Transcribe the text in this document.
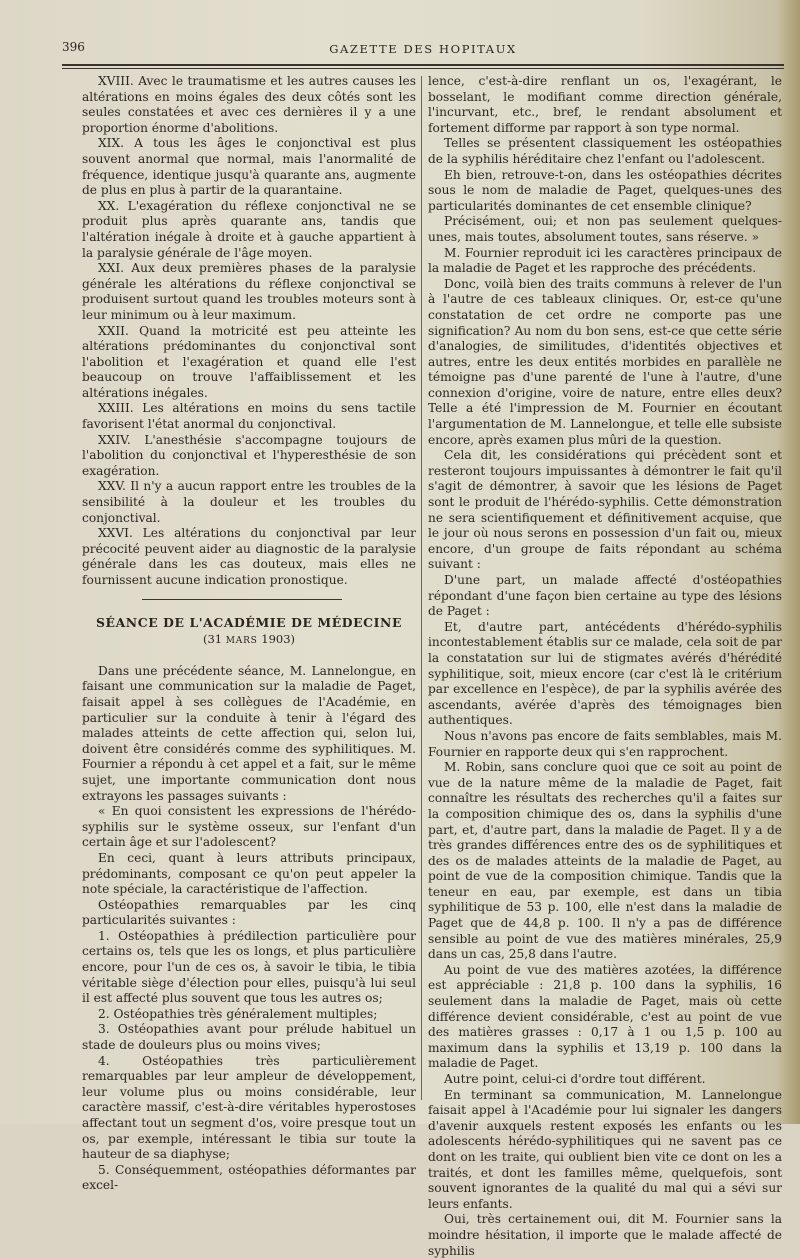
396	GAZETTE DES HOPITAUX

XVIII. Avec le traumatisme et les autres causes les altérations en moins égales des deux côtés sont les seules constatées et avec ces dernières il y a une proportion énorme d'abolitions.

XIX. A tous les âges le conjonctival est plus souvent anormal que normal, mais l'anormalité de fréquence, identique jusqu'à quarante ans, augmente de plus en plus à partir de la quarantaine.

XX. L'exagération du réflexe conjonctival ne se produit plus après quarante ans, tandis que l'altération inégale à droite et à gauche appartient à la paralysie générale de l'âge moyen.

XXI. Aux deux premières phases de la paralysie générale les altérations du réflexe conjonctival se produisent surtout quand les troubles moteurs sont à leur minimum ou à leur maximum.

XXII. Quand la motricité est peu atteinte les altérations prédominantes du conjonctival sont l'abolition et l'exagération et quand elle l'est beaucoup on trouve l'affaiblissement et les altérations inégales.

XXIII. Les altérations en moins du sens tactile favorisent l'état anormal du conjonctival.

XXIV. L'anesthésie s'accompagne toujours de l'abolition du conjonctival et l'hyperesthésie de son exagération.

XXV. Il n'y a aucun rapport entre les troubles de la sensibilité à la douleur et les troubles du conjonctival.

XXVI. Les altérations du conjonctival par leur précocité peuvent aider au diagnostic de la paralysie générale dans les cas douteux, mais elles ne fournissent aucune indication pronostique.

SÉANCE DE L'ACADÉMIE DE MÉDECINE

(31 MARS 1903)

Dans une précédente séance, M. Lannelongue, en faisant une communication sur la maladie de Paget, faisait appel à ses collègues de l'Académie, en particulier sur la conduite à tenir à l'égard des malades atteints de cette affection qui, selon lui, doivent être considérés comme des syphilitiques. M. Fournier a répondu à cet appel et a fait, sur le même sujet, une importante communication dont nous extrayons les passages suivants :

« En quoi consistent les expressions de l'hérédo-syphilis sur le système osseux, sur l'enfant d'un certain âge et sur l'adolescent?

En ceci, quant à leurs attributs principaux, prédominants, composant ce qu'on peut appeler la note spéciale, la caractéristique de l'affection.

Ostéopathies remarquables par les cinq particularités suivantes :

1. Ostéopathies à prédilection particulière pour certains os, tels que les os longs, et plus particulière encore, pour l'un de ces os, à savoir le tibia, le tibia véritable siège d'élection pour elles, puisqu'à lui seul il est affecté plus souvent que tous les autres os;

2. Ostéopathies très généralement multiples;

3. Ostéopathies avant pour prélude habituel un stade de douleurs plus ou moins vives;

4. Ostéopathies très particulièrement remarquables par leur ampleur de développement, leur volume plus ou moins considérable, leur caractère massif, c'est-à-dire véritables hyperostoses affectant tout un segment d'os, voire presque tout un os, par exemple, intéressant le tibia sur toute la hauteur de sa diaphyse;

5. Conséquemment, ostéopathies déformantes par excel-

lence, c'est-à-dire renflant un os, l'exagérant, le bosselant, le modifiant comme direction générale, l'incurvant, etc., bref, le rendant absolument et fortement difforme par rapport à son type normal.

Telles se présentent classiquement les ostéopathies de la syphilis héréditaire chez l'enfant ou l'adolescent.

Eh bien, retrouve-t-on, dans les ostéopathies décrites sous le nom de maladie de Paget, quelques-unes des particularités dominantes de cet ensemble clinique?

Précisément, oui; et non pas seulement quelques-unes, mais toutes, absolument toutes, sans réserve. »

M. Fournier reproduit ici les caractères principaux de la maladie de Paget et les rapproche des précédents.

Donc, voilà bien des traits communs à relever de l'un à l'autre de ces tableaux cliniques. Or, est-ce qu'une constatation de cet ordre ne comporte pas une signification? Au nom du bon sens, est-ce que cette série d'analogies, de similitudes, d'identités objectives et autres, entre les deux entités morbides en parallèle ne témoigne pas d'une parenté de l'une à l'autre, d'une connexion d'origine, voire de nature, entre elles deux? Telle a été l'impression de M. Fournier en écoutant l'argumentation de M. Lannelongue, et telle elle subsiste encore, après examen plus mûri de la question.

Cela dit, les considérations qui précèdent sont et resteront toujours impuissantes à démontrer le fait qu'il s'agit de démontrer, à savoir que les lésions de Paget sont le produit de l'hérédo-syphilis. Cette démonstration ne sera scientifiquement et définitivement acquise, que le jour où nous serons en possession d'un fait ou, mieux encore, d'un groupe de faits répondant au schéma suivant :

D'une part, un malade affecté d'ostéopathies répondant d'une façon bien certaine au type des lésions de Paget :

Et, d'autre part, antécédents d'hérédo-syphilis incontestablement établis sur ce malade, cela soit de par la constatation sur lui de stigmates avérés d'hérédité syphilitique, soit, mieux encore (car c'est là le critérium par excellence en l'espèce), de par la syphilis avérée des ascendants, avérée d'après des témoignages bien authentiques.

Nous n'avons pas encore de faits semblables, mais M. Fournier en rapporte deux qui s'en rapprochent.

M. Robin, sans conclure quoi que ce soit au point de vue de la nature même de la maladie de Paget, fait connaître les résultats des recherches qu'il a faites sur la composition chimique des os, dans la syphilis d'une part, et, d'autre part, dans la maladie de Paget. Il y a de très grandes différences entre des os de syphilitiques et des os de malades atteints de la maladie de Paget, au point de vue de la composition chimique. Tandis que la teneur en eau, par exemple, est dans un tibia syphilitique de 53 p. 100, elle n'est dans la maladie de Paget que de 44,8 p. 100. Il n'y a pas de différence sensible au point de vue des matières minérales, 25,9 dans un cas, 25,8 dans l'autre.

Au point de vue des matières azotées, la différence est appréciable : 21,8 p. 100 dans la syphilis, 16 seulement dans la maladie de Paget, mais où cette différence devient considérable, c'est au point de vue des matières grasses : 0,17 à 1 ou 1,5 p. 100 au maximum dans la syphilis et 13,19 p. 100 dans la maladie de Paget.

Autre point, celui-ci d'ordre tout différent.

En terminant sa communication, M. Lannelongue faisait appel à l'Académie pour lui signaler les dangers d'avenir auxquels restent exposés les enfants ou les adolescents hérédo-syphilitiques qui ne savent pas ce dont on les traite, qui oublient bien vite ce dont on les a traités, et dont les familles même, quelquefois, sont souvent ignorantes de la qualité du mal qui a sévi sur leurs enfants.

Oui, très certainement oui, dit M. Fournier sans la moindre hésitation, il importe que le malade affecté de syphilis
